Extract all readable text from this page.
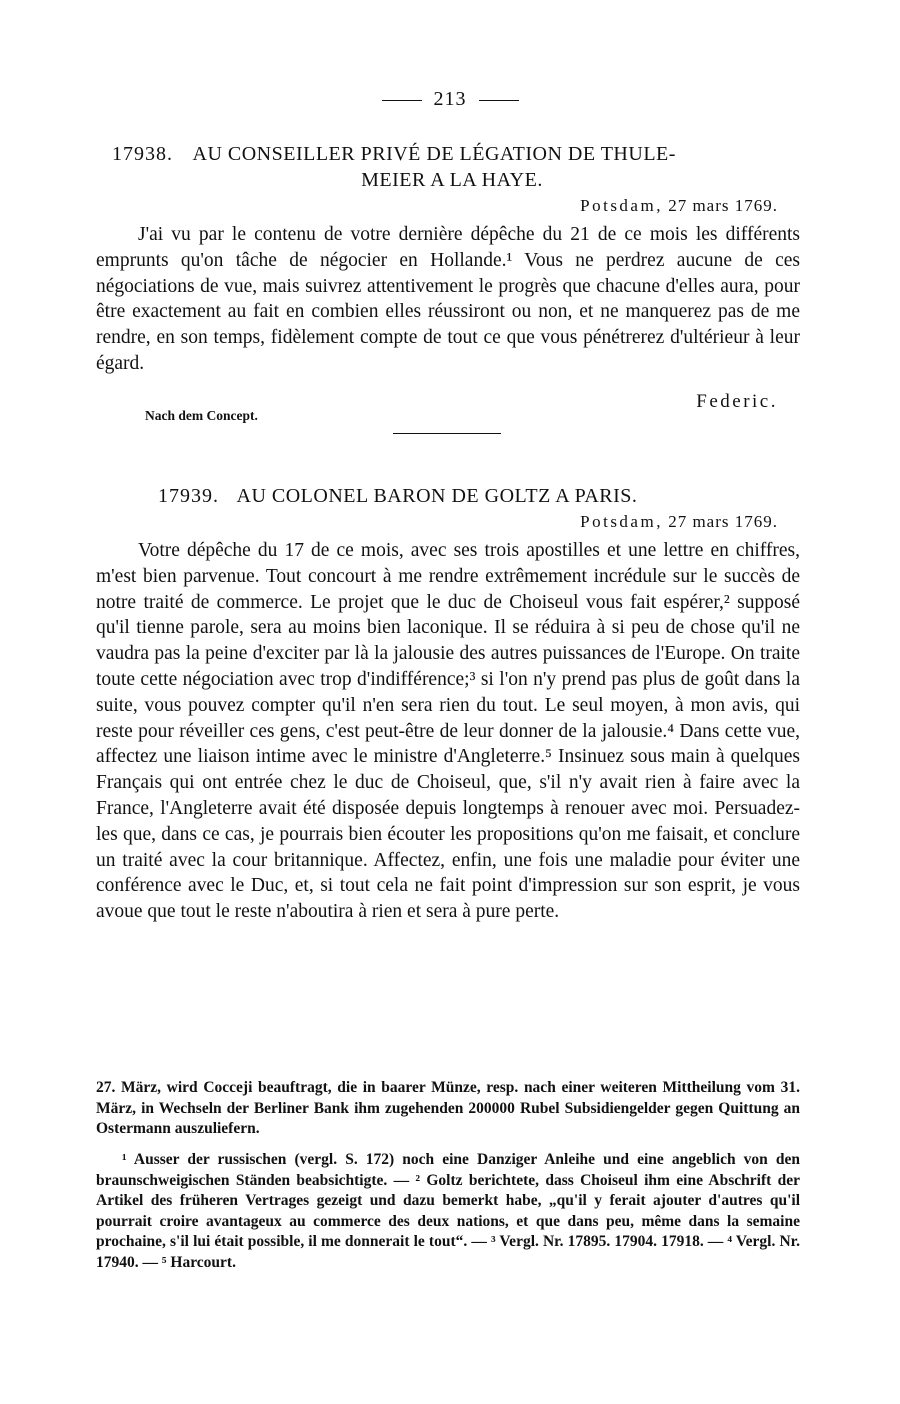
213
17938. AU CONSEILLER PRIVÉ DE LÉGATION DE THULE-
MEIER A LA HAYE.
Potsdam, 27 mars 1769.

J'ai vu par le contenu de votre dernière dépêche du 21 de ce mois les différents emprunts qu'on tâche de négocier en Hollande.¹ Vous ne perdrez aucune de ces négociations de vue, mais suivrez attentivement le progrès que chacune d'elles aura, pour être exactement au fait en combien elles réussiront ou non, et ne manquerez pas de me rendre, en son temps, fidèlement compte de tout ce que vous pénétrerez d'ultérieur à leur égard.

Federic.
Nach dem Concept.
17939. AU COLONEL BARON DE GOLTZ A PARIS.
Potsdam, 27 mars 1769.

Votre dépêche du 17 de ce mois, avec ses trois apostilles et une lettre en chiffres, m'est bien parvenue. Tout concourt à me rendre extrêmement incrédule sur le succès de notre traité de commerce. Le projet que le duc de Choiseul vous fait espérer,² supposé qu'il tienne parole, sera au moins bien laconique. Il se réduira à si peu de chose qu'il ne vaudra pas la peine d'exciter par là la jalousie des autres puissances de l'Europe. On traite toute cette négociation avec trop d'indifférence;³ si l'on n'y prend pas plus de goût dans la suite, vous pouvez compter qu'il n'en sera rien du tout. Le seul moyen, à mon avis, qui reste pour réveiller ces gens, c'est peut-être de leur donner de la jalousie.⁴ Dans cette vue, affectez une liaison intime avec le ministre d'Angleterre.⁵ Insinuez sous main à quelques Français qui ont entrée chez le duc de Choiseul, que, s'il n'y avait rien à faire avec la France, l'Angleterre avait été disposée depuis longtemps à renouer avec moi. Persuadez-les que, dans ce cas, je pourrais bien écouter les propositions qu'on me faisait, et conclure un traité avec la cour britannique. Affectez, enfin, une fois une maladie pour éviter une conférence avec le Duc, et, si tout cela ne fait point d'impression sur son esprit, je vous avoue que tout le reste n'aboutira à rien et sera à pure perte.

27. März, wird Cocceji beauftragt, die in baarer Münze, resp. nach einer weiteren Mittheilung vom 31. März, in Wechseln der Berliner Bank ihm zugehenden 200000 Rubel Subsidiengelder gegen Quittung an Ostermann auszuliefern.

¹ Ausser der russischen (vergl. S. 172) noch eine Danziger Anleihe und eine angeblich von den braunschweigischen Ständen beabsichtigte. — ² Goltz berichtete, dass Choiseul ihm eine Abschrift der Artikel des früheren Vertrages gezeigt und dazu bemerkt habe, „qu'il y ferait ajouter d'autres qu'il pourrait croire avantageux au commerce des deux nations, et que dans peu, même dans la semaine prochaine, s'il lui était possible, il me donnerait le tout“. — ³ Vergl. Nr. 17895. 17904. 17918. — ⁴ Vergl. Nr. 17940. — ⁵ Harcourt.
